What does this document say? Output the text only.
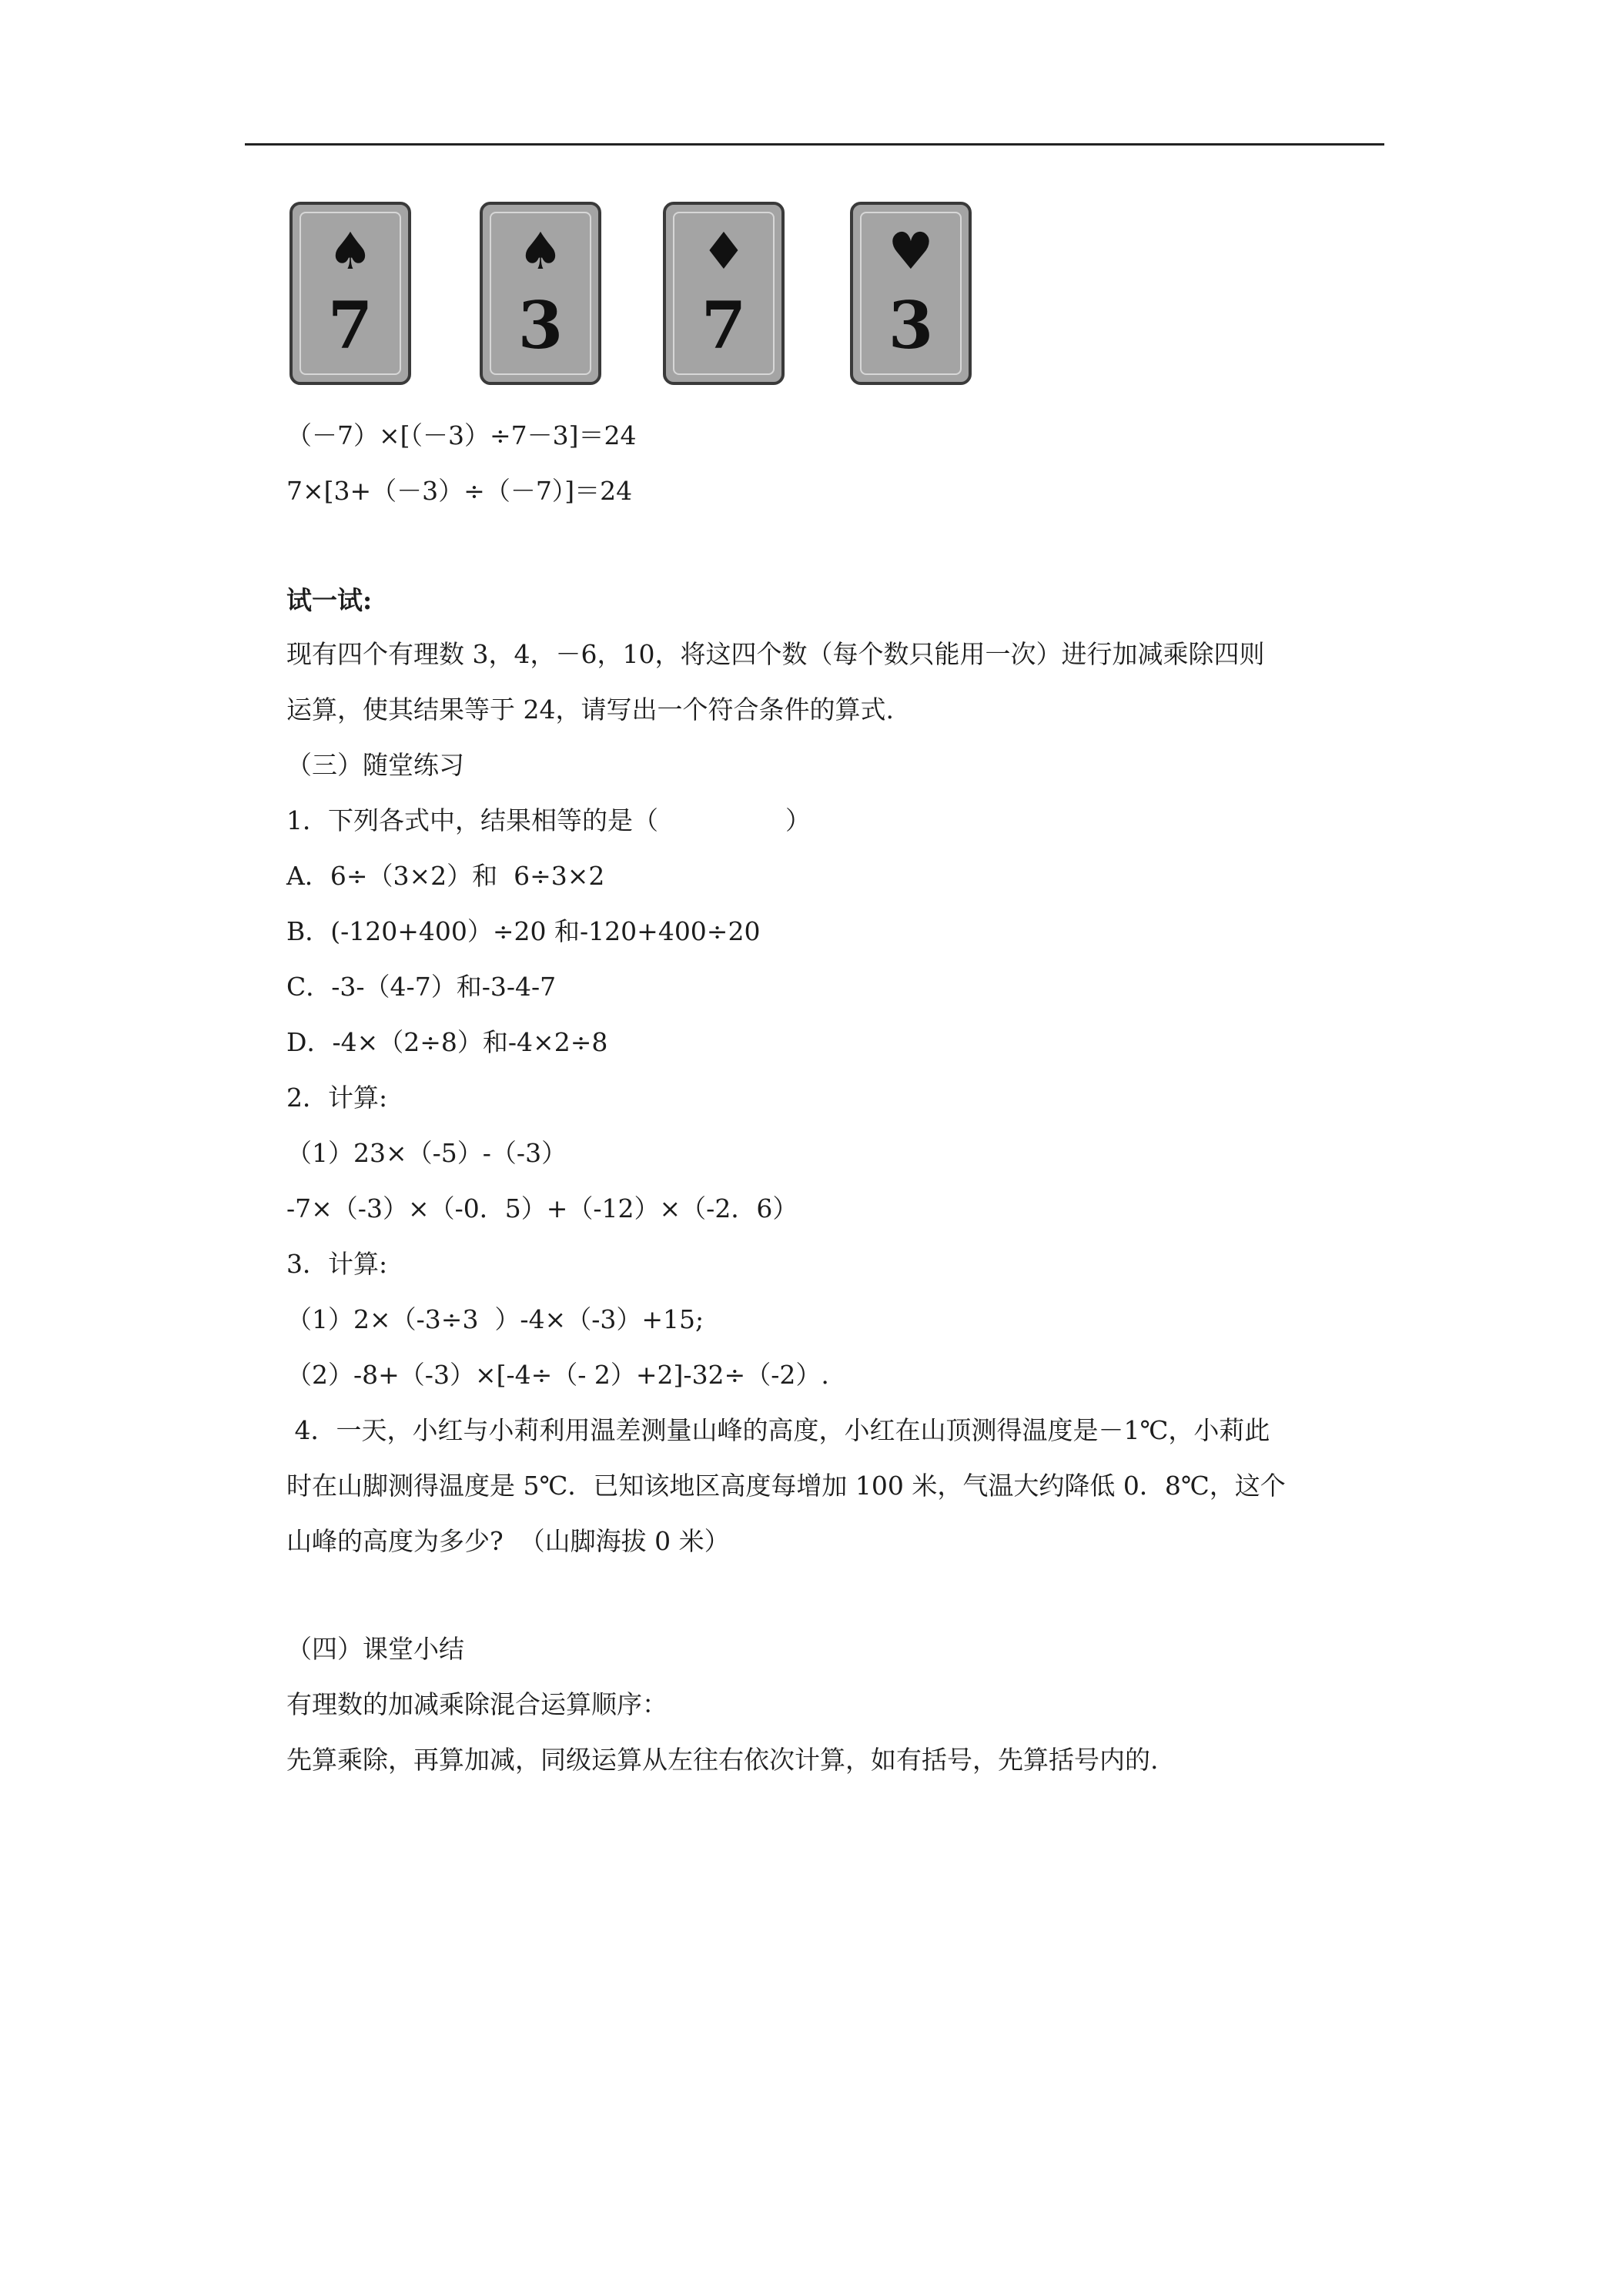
♠
7
♠
3
♦
7
♥
3
（－7）×[（－3）÷7－3]＝24
7×[3+（－3）÷（－7）]＝24
试一试:
现有四个有理数 3，4，－6，10，将这四个数（每个数只能用一次）进行加减乘除四则
运算，使其结果等于 24，请写出一个符合条件的算式.
（三）随堂练习
1．下列各式中，结果相等的是（　　　　　）
A．6÷（3×2）和  6÷3×2
B．(-120+400）÷20 和-120+400÷20
C．-3-（4-7）和-3-4-7
D．-4×（2÷8）和-4×2÷8
2．计算:
（1）23×（-5）-（-3）
-7×（-3）×（-0．5）+（-12）×（-2．6）
3．计算:
（1）2×（-3÷3  ）-4×（-3）+15;
（2）-8+（-3）×[-4÷（- 2）+2]-32÷（-2）.
4．一天，小红与小莉利用温差测量山峰的高度，小红在山顶测得温度是－1℃，小莉此
时在山脚测得温度是 5℃．已知该地区高度每增加 100 米，气温大约降低 0．8℃，这个
山峰的高度为多少?  （山脚海拔 0 米）
（四）课堂小结
有理数的加减乘除混合运算顺序：
先算乘除，再算加减，同级运算从左往右依次计算，如有括号，先算括号内的.
